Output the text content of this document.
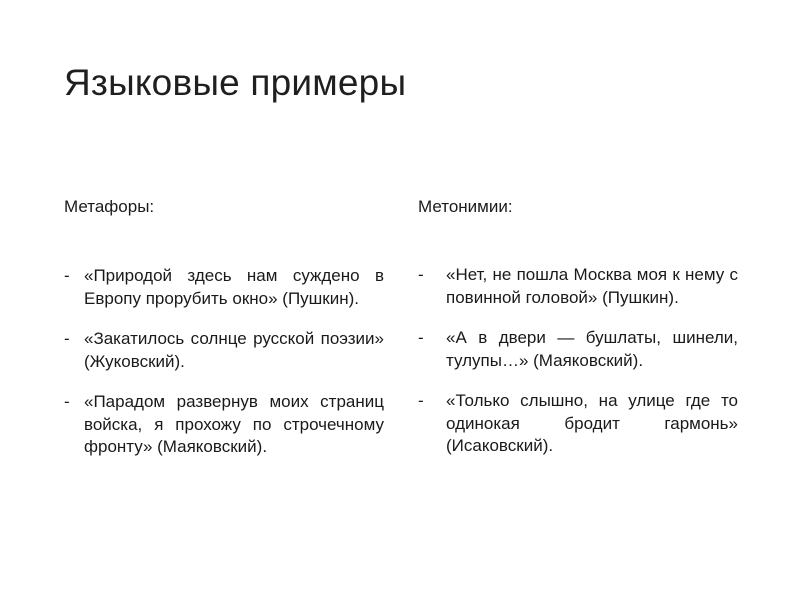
Языковые примеры

Метафоры:

- «Природой здесь нам суждено в Европу прорубить окно» (Пушкин).

- «Закатилось солнце русской поэзии» (Жуковский).

- «Парадом развернув моих страниц войска, я прохожу по строчечному фронту» (Маяковский).

Метонимии:

- «Нет, не пошла Москва моя к нему с повинной головой» (Пушкин).

- «А в двери — бушлаты, шинели, тулупы…» (Маяковский).

- «Только слышно, на улице где то одинокая бродит гармонь» (Исаковский).
